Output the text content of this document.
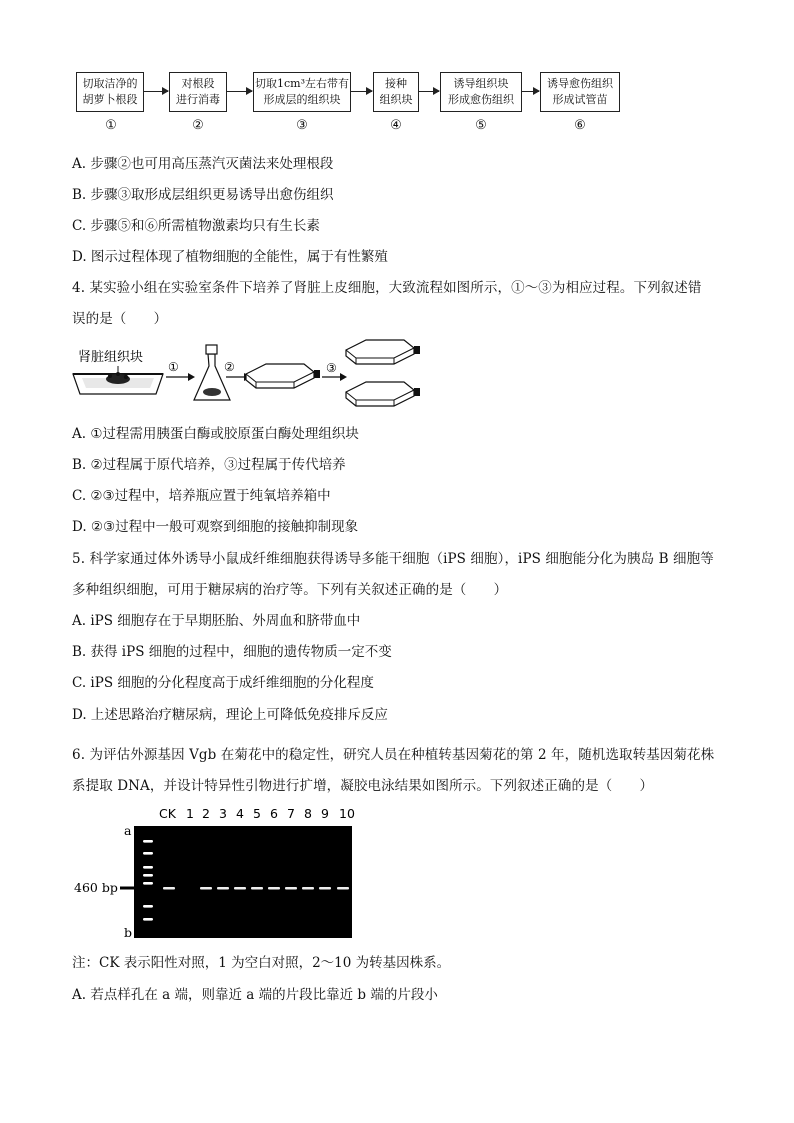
切取洁净的
胡萝卜根段
对根段
进行消毒
切取1cm³左右带有
形成层的组织块
接种
组织块
诱导组织块
形成愈伤组织
诱导愈伤组织
形成试管苗
①	②	③	④	⑤	⑥
A. 步骤②也可用高压蒸汽灭菌法来处理根段
B. 步骤③取形成层组织更易诱导出愈伤组织
C. 步骤⑤和⑥所需植物激素均只有生长素
D. 图示过程体现了植物细胞的全能性，属于有性繁殖
4. 某实验小组在实验室条件下培养了肾脏上皮细胞，大致流程如图所示，①～③为相应过程。下列叙述错
误的是（　　）
肾脏组织块
①	②	③
A. ①过程需用胰蛋白酶或胶原蛋白酶处理组织块
B. ②过程属于原代培养，③过程属于传代培养
C. ②③过程中，培养瓶应置于纯氧培养箱中
D. ②③过程中一般可观察到细胞的接触抑制现象
5. 科学家通过体外诱导小鼠成纤维细胞获得诱导多能干细胞（iPS 细胞），iPS 细胞能分化为胰岛 B 细胞等
多种组织细胞，可用于糖尿病的治疗等。下列有关叙述正确的是（　　）
A. iPS 细胞存在于早期胚胎、外周血和脐带血中
B. 获得 iPS 细胞的过程中，细胞的遗传物质一定不变
C. iPS 细胞的分化程度高于成纤维细胞的分化程度
D. 上述思路治疗糖尿病，理论上可降低免疫排斥反应
6. 为评估外源基因 Vgb 在菊花中的稳定性，研究人员在种植转基因菊花的第 2 年，随机选取转基因菊花株
系提取 DNA，并设计特异性引物进行扩增，凝胶电泳结果如图所示。下列叙述正确的是（　　）
a
b
460 bp
CK 1 2 3 4 5 6 7 8 9 10
注：CK 表示阳性对照，1 为空白对照，2～10 为转基因株系。
A. 若点样孔在 a 端，则靠近 a 端的片段比靠近 b 端的片段小
